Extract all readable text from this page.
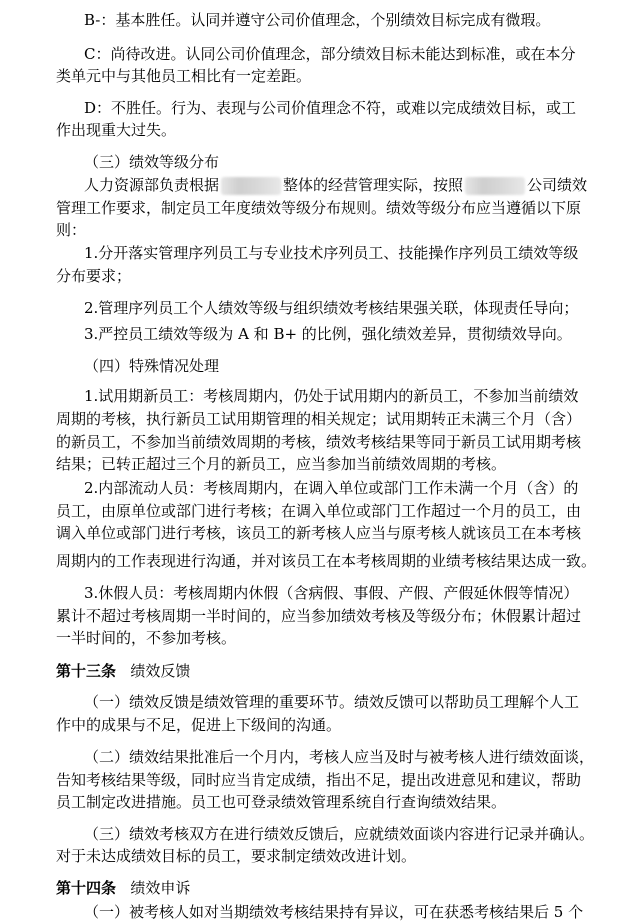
B-：基本胜任。认同并遵守公司价值理念，个别绩效目标完成有微瑕。
C：尚待改进。认同公司价值理念，部分绩效目标未能达到标准，或在本分
类单元中与其他员工相比有一定差距。
D：不胜任。行为、表现与公司价值理念不符，或难以完成绩效目标，或工
作出现重大过失。
（三）绩效等级分布
人力资源部负责根据	整体的经营管理实际，按照	公司绩效
管理工作要求，制定员工年度绩效等级分布规则。绩效等级分布应当遵循以下原
则：
1.分开落实管理序列员工与专业技术序列员工、技能操作序列员工绩效等级
分布要求；
2.管理序列员工个人绩效等级与组织绩效考核结果强关联，体现责任导向；
3.严控员工绩效等级为 A 和 B+ 的比例，强化绩效差异，贯彻绩效导向。
（四）特殊情况处理
1.试用期新员工：考核周期内，仍处于试用期内的新员工，不参加当前绩效
周期的考核，执行新员工试用期管理的相关规定；试用期转正未满三个月（含）
的新员工，不参加当前绩效周期的考核，绩效考核结果等同于新员工试用期考核
结果；已转正超过三个月的新员工，应当参加当前绩效周期的考核。
2.内部流动人员：考核周期内，在调入单位或部门工作未满一个月（含）的
员工，由原单位或部门进行考核；在调入单位或部门工作超过一个月的员工，由
调入单位或部门进行考核，该员工的新考核人应当与原考核人就该员工在本考核
周期内的工作表现进行沟通，并对该员工在本考核周期的业绩考核结果达成一致。
3.休假人员：考核周期内休假（含病假、事假、产假、产假延休假等情况）
累计不超过考核周期一半时间的，应当参加绩效考核及等级分布；休假累计超过
一半时间的，不参加考核。
第十三条 绩效反馈
（一）绩效反馈是绩效管理的重要环节。绩效反馈可以帮助员工理解个人工
作中的成果与不足，促进上下级间的沟通。
（二）绩效结果批准后一个月内，考核人应当及时与被考核人进行绩效面谈，
告知考核结果等级，同时应当肯定成绩，指出不足，提出改进意见和建议，帮助
员工制定改进措施。员工也可登录绩效管理系统自行查询绩效结果。
（三）绩效考核双方在进行绩效反馈后，应就绩效面谈内容进行记录并确认。
对于未达成绩效目标的员工，要求制定绩效改进计划。
第十四条 绩效申诉
（一）被考核人如对当期绩效考核结果持有异议，可在获悉考核结果后 5 个
